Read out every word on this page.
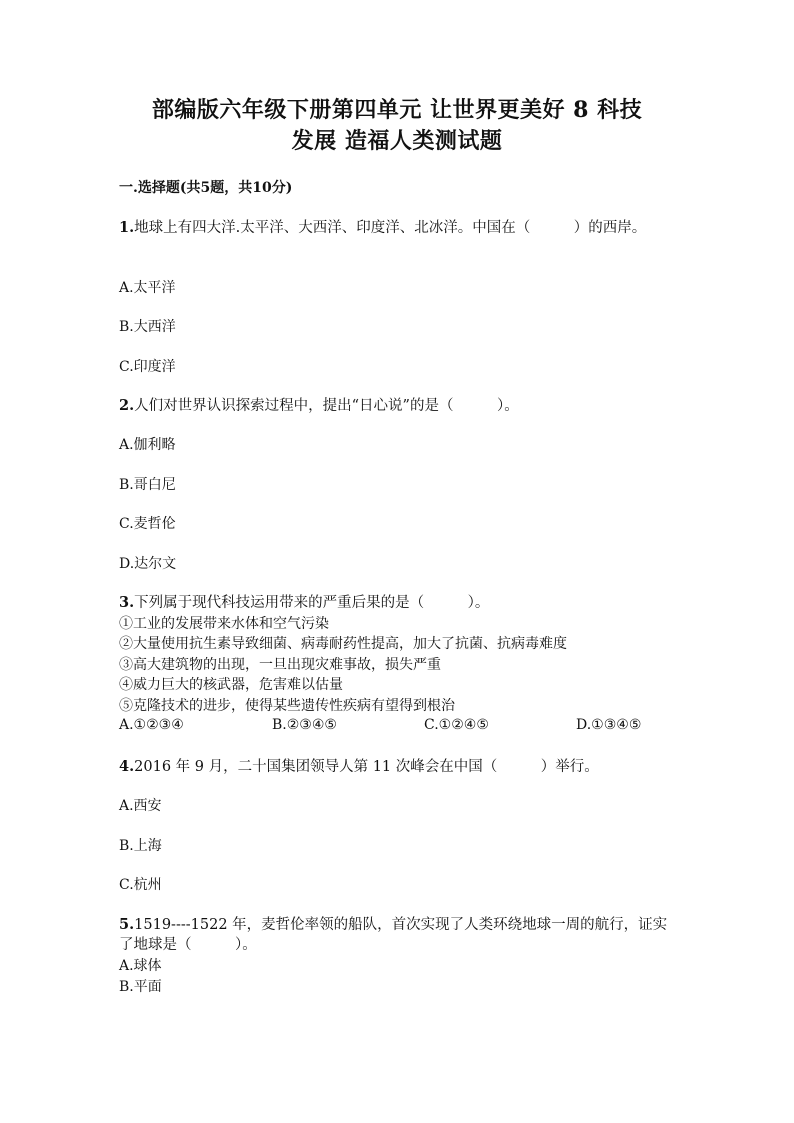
部编版六年级下册第四单元 让世界更美好 8 科技
发展 造福人类测试题
一.选择题(共5题，共10分)
1.地球上有四大洋.太平洋、大西洋、印度洋、北冰洋。中国在（　　　）的西岸。
A.太平洋
B.大西洋
C.印度洋
2.人们对世界认识探索过程中，提出“日心说”的是（　　　）。
A.伽利略
B.哥白尼
C.麦哲伦
D.达尔文
3.下列属于现代科技运用带来的严重后果的是（　　　）。
①工业的发展带来水体和空气污染
②大量使用抗生素导致细菌、病毒耐药性提高，加大了抗菌、抗病毒难度
③高大建筑物的出现，一旦出现灾难事故，损失严重
④威力巨大的核武器，危害难以估量
⑤克隆技术的进步，使得某些遗传性疾病有望得到根治
A.①②③④	B.②③④⑤	C.①②④⑤	D.①③④⑤
4.2016 年 9 月，二十国集团领导人第 11 次峰会在中国（　　　）举行。
A.西安
B.上海
C.杭州
5.1519----1522 年，麦哲伦率领的船队，首次实现了人类环绕地球一周的航行，证实了地球是（　　　）。
A.球体
B.平面
